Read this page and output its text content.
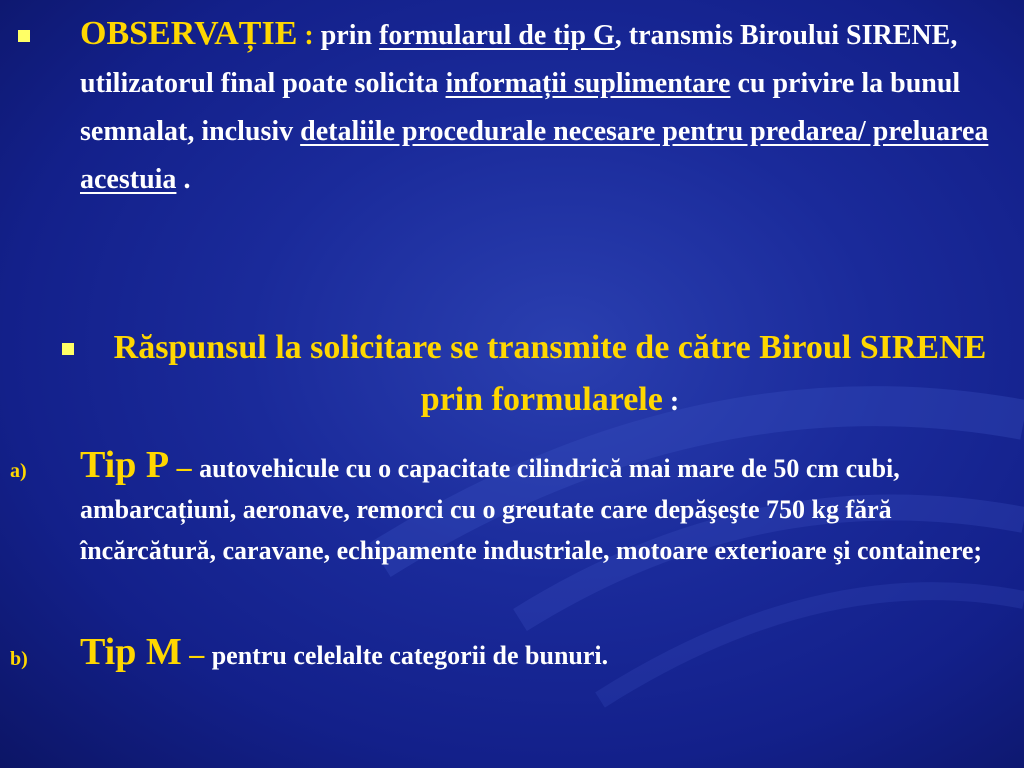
OBSERVAȚIE : prin formularul de tip G, transmis Biroului SIRENE, utilizatorul final poate solicita informații suplimentare cu privire la bunul semnalat, inclusiv detaliile procedurale necesare pentru predarea/ preluarea acestuia .
Răspunsul la solicitare se transmite de către Biroul SIRENE prin formularele :
a) Tip P – autovehicule cu o capacitate cilindrică mai mare de 50 cm cubi, ambarcațiuni, aeronave, remorci cu o greutate care depăşeşte 750 kg fără încărcătură, caravane, echipamente industriale, motoare exterioare şi containere;
b) Tip M – pentru celelalte categorii de bunuri.
